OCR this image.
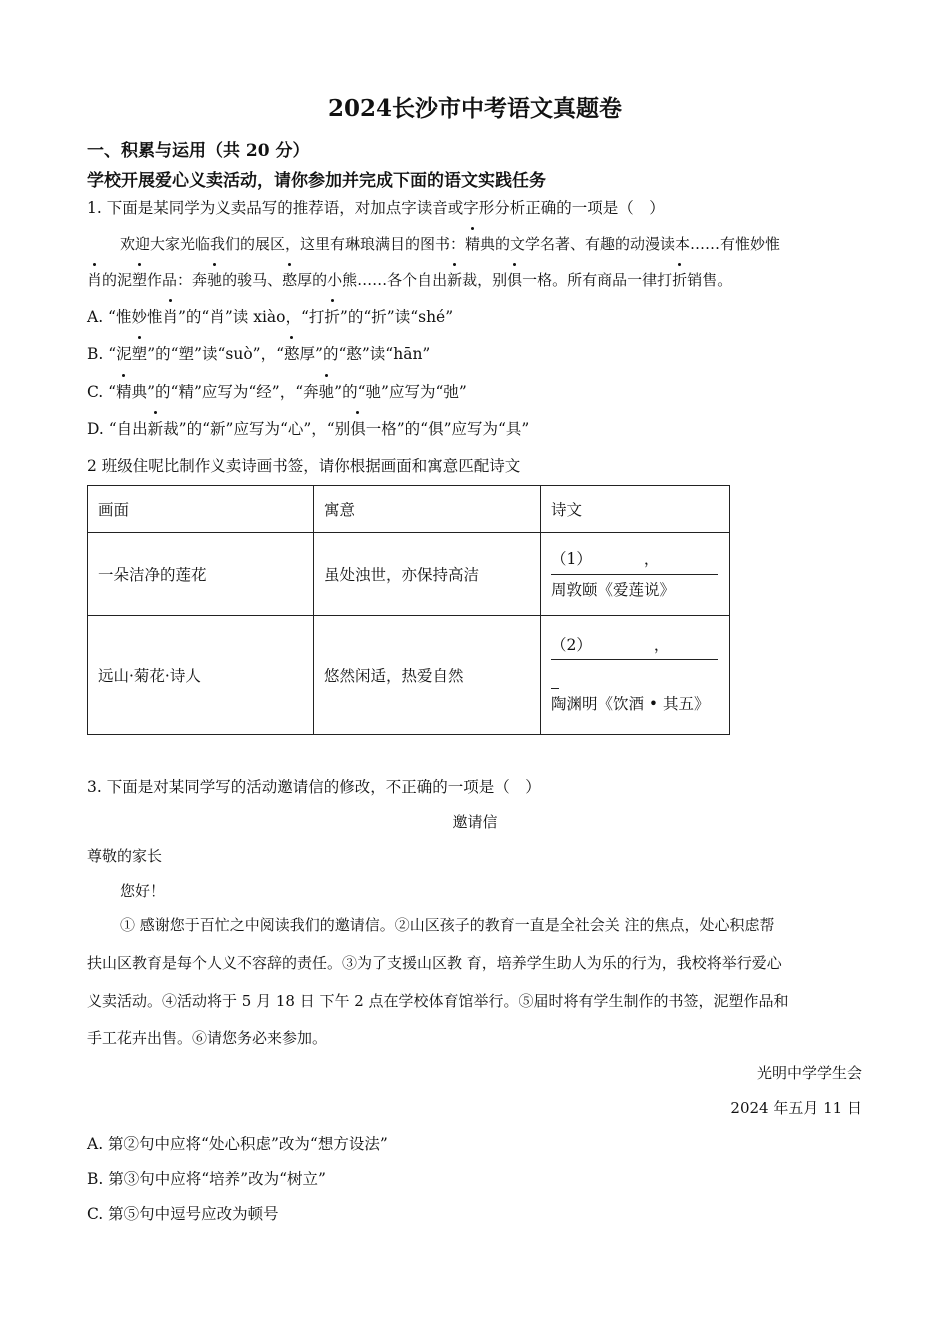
2024长沙市中考语文真题卷
一、积累与运用（共 20 分）
学校开展爱心义卖活动，请你参加并完成下面的语文实践任务
1. 下面是某同学为义卖品写的推荐语，对加点字读音或字形分析正确的一项是（　）
欢迎大家光临我们的展区，这里有琳琅满目的图书：精典的文学名著、有趣的动漫读本……有惟妙惟
肖的泥塑作品：奔驰的骏马、憨厚的小熊……各个自出新裁，别俱一格。所有商品一律打折销售。
A. “惟妙惟肖”的“肖”读 xiào，“打折”的“折”读“shé”
B. “泥塑”的“塑”读“suò”，“憨厚”的“憨”读“hān”
C. “精典”的“精”应写为“经”，“奔驰”的“驰”应写为“弛”
D. “自出新裁”的“新”应写为“心”，“别俱一格”的“俱”应写为“具”
2 班级住呢比制作义卖诗画书签，请你根据画面和寓意匹配诗文
画面	寓意	诗文
一朵洁净的莲花	虽处浊世，亦保持高洁	（1） ，
周敦颐《爱莲说》

远山·菊花·诗人	悠然闲适，热爱自然	（2） ，

陶渊明《饮酒 • 其五》
3. 下面是对某同学写的活动邀请信的修改，不正确的一项是（　）
邀请信
尊敬的家长
您好！
① 感谢您于百忙之中阅读我们的邀请信。②山区孩子的教育一直是全社会关 注的焦点，处心积虑帮
扶山区教育是每个人义不容辞的责任。③为了支援山区教 育，培养学生助人为乐的行为，我校将举行爱心
义卖活动。④活动将于 5 月 18 日 下午 2 点在学校体育馆举行。⑤届时将有学生制作的书签，泥塑作品和
手工花卉出售。⑥请您务必来参加。
光明中学学生会
2024 年五月 11 日
A. 第②句中应将“处心积虑”改为“想方设法”
B. 第③句中应将“培养”改为“树立”
C. 第⑤句中逗号应改为顿号
